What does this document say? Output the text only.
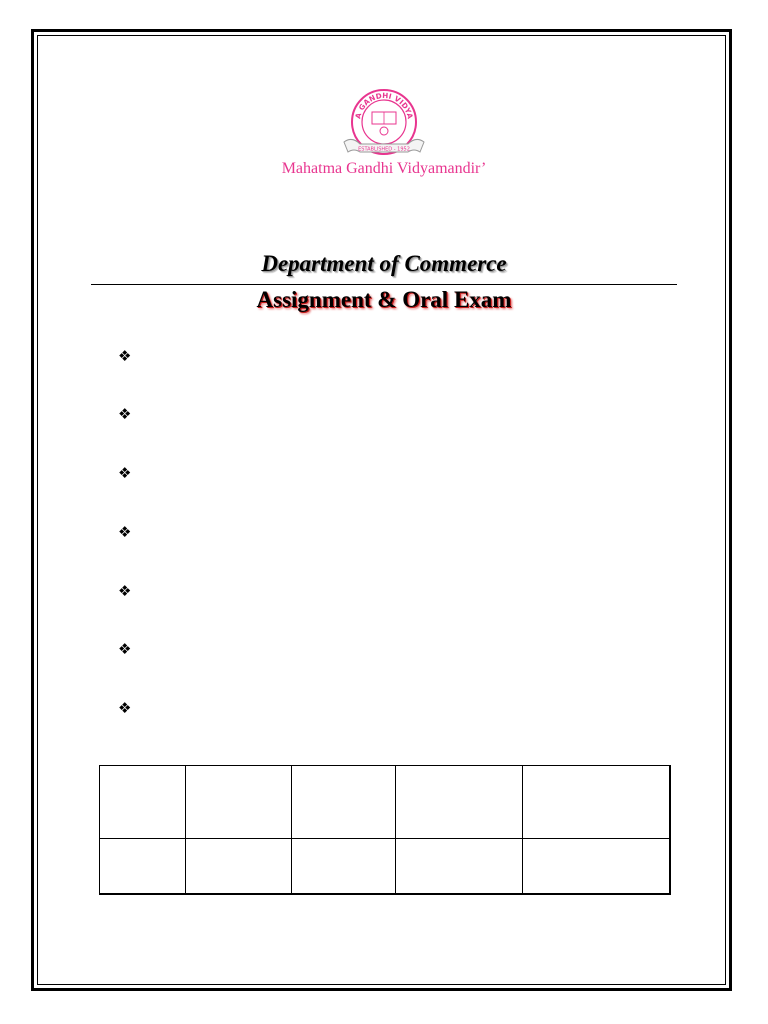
A GANDHI VIDYA
ESTABLISHED - 1952
Mahatma Gandhi Vidyamandir’
Department of Commerce
Assignment & Oral Exam
❖
❖
❖
❖
❖
❖
❖
